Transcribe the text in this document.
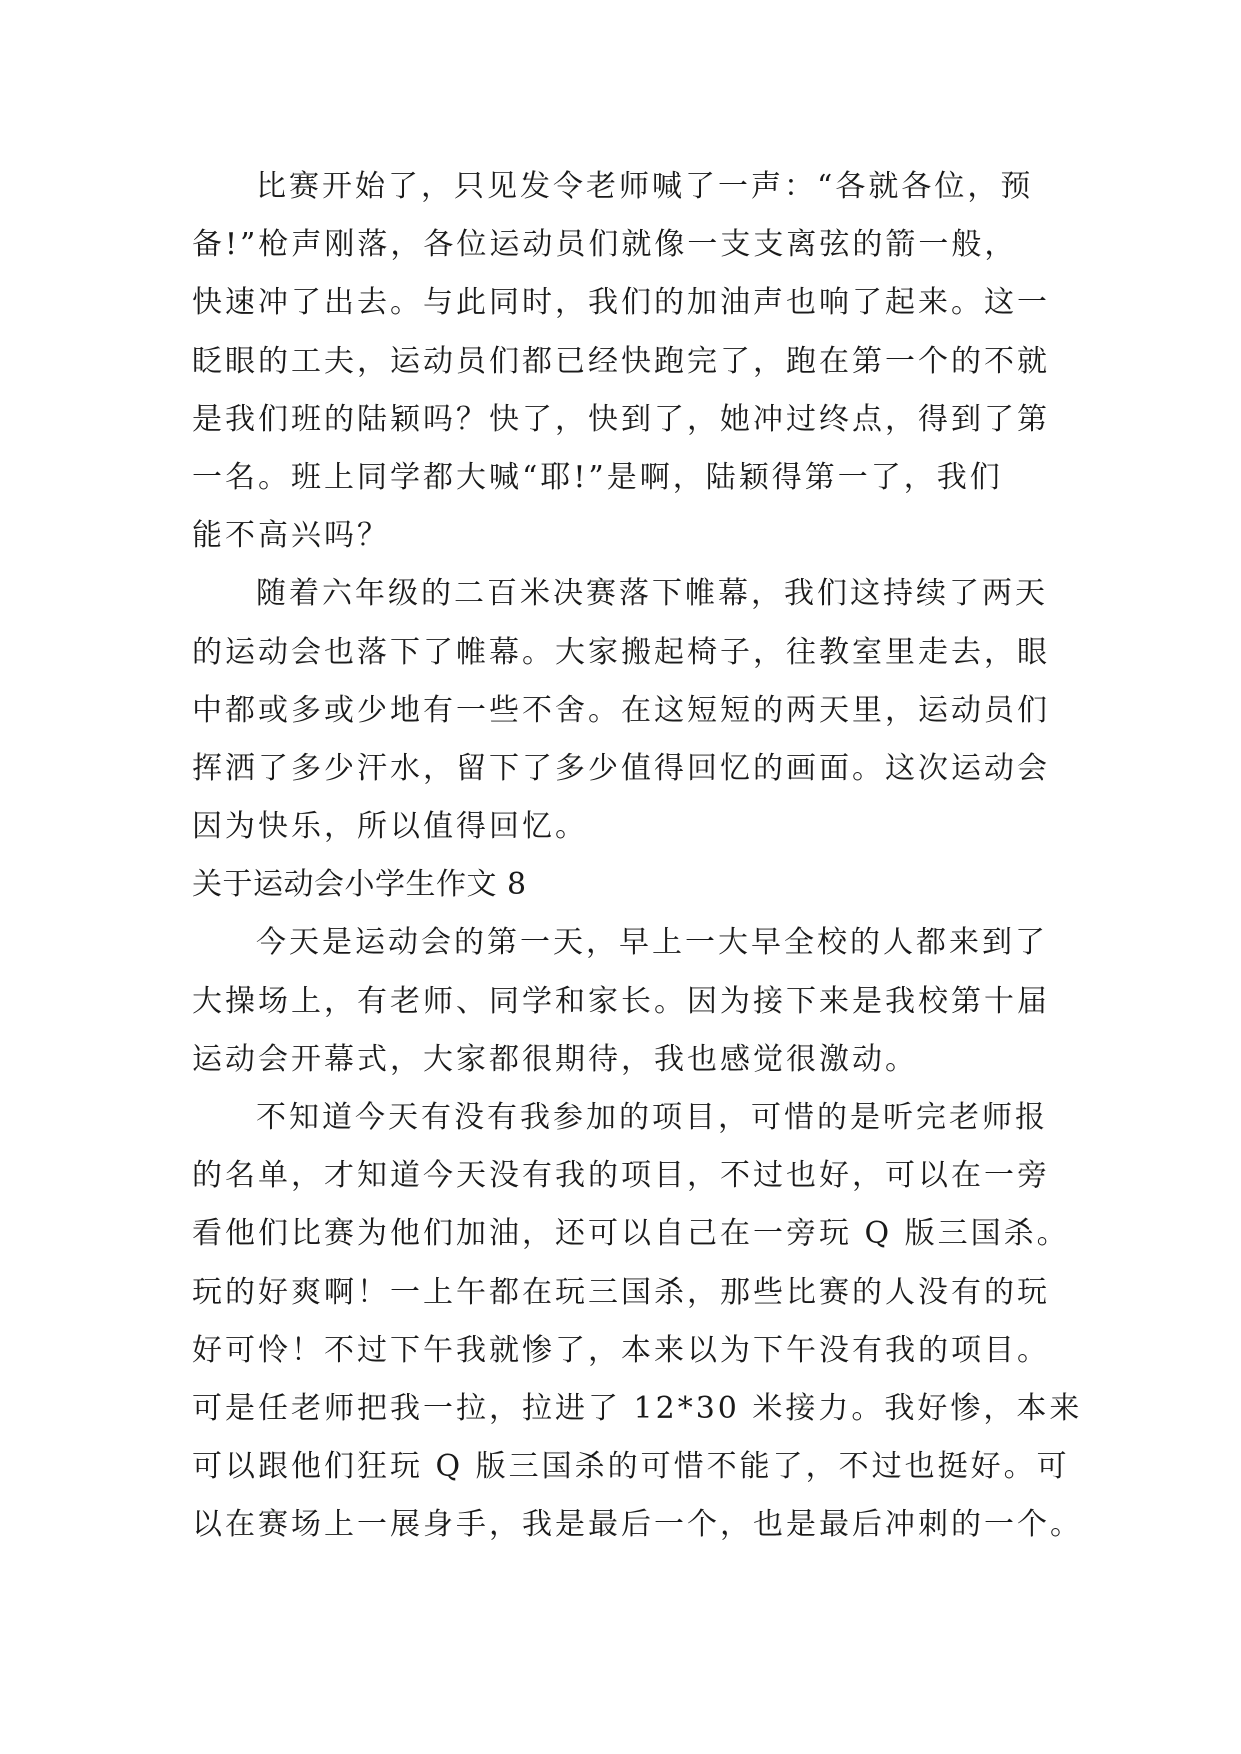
比赛开始了，只见发令老师喊了一声：“各就各位，预
备!”枪声刚落，各位运动员们就像一支支离弦的箭一般，
快速冲了出去。与此同时，我们的加油声也响了起来。这一
眨眼的工夫，运动员们都已经快跑完了，跑在第一个的不就
是我们班的陆颖吗？快了，快到了，她冲过终点，得到了第
一名。班上同学都大喊“耶!”是啊，陆颖得第一了，我们
能不高兴吗？
随着六年级的二百米决赛落下帷幕，我们这持续了两天
的运动会也落下了帷幕。大家搬起椅子，往教室里走去，眼
中都或多或少地有一些不舍。在这短短的两天里，运动员们
挥洒了多少汗水，留下了多少值得回忆的画面。这次运动会
因为快乐，所以值得回忆。
关于运动会小学生作文 8
今天是运动会的第一天，早上一大早全校的人都来到了
大操场上，有老师、同学和家长。因为接下来是我校第十届
运动会开幕式，大家都很期待，我也感觉很激动。
不知道今天有没有我参加的项目，可惜的是听完老师报
的名单，才知道今天没有我的项目，不过也好，可以在一旁
看他们比赛为他们加油，还可以自己在一旁玩 Q 版三国杀。
玩的好爽啊！一上午都在玩三国杀，那些比赛的人没有的玩
好可怜！不过下午我就惨了，本来以为下午没有我的项目。
可是任老师把我一拉，拉进了 12*30 米接力。我好惨，本来
可以跟他们狂玩 Q 版三国杀的可惜不能了，不过也挺好。可
以在赛场上一展身手，我是最后一个，也是最后冲刺的一个。
